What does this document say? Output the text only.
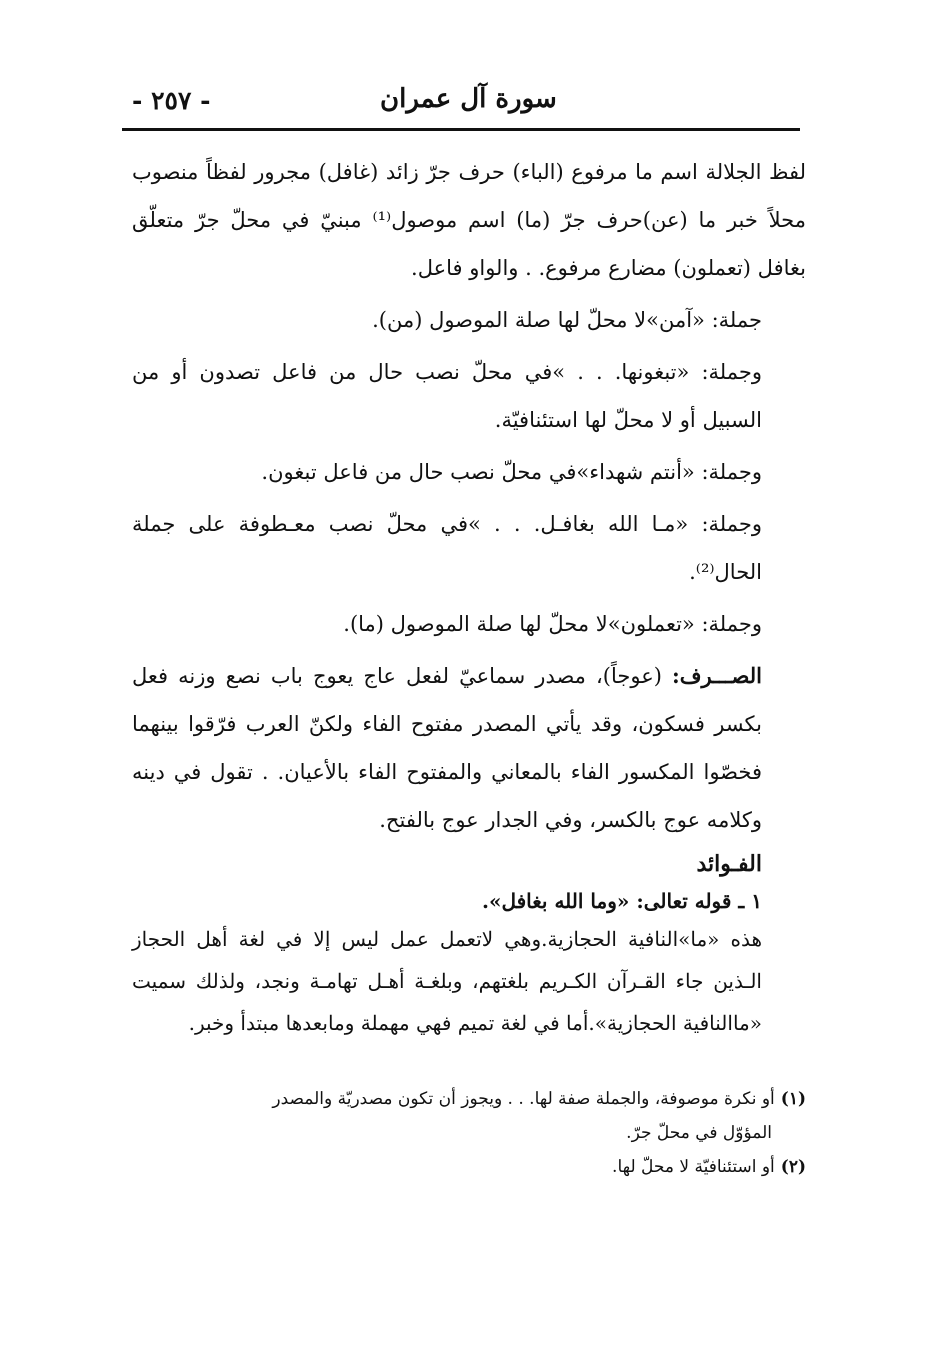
- ٢٥٧ -	سورة آل عمران

لفظ الجلالة اسم ما مرفوع (الباء) حرف جرّ زائد (غافل) مجرور لفظاً منصوب محلاً خبر ما (عن)حرف جرّ (ما) اسم موصول⁽¹⁾ مبنيّ في محلّ جرّ متعلّق بغافل (تعملون) مضارع مرفوع. . والواو فاعل.

جملة: «آمن»لا محلّ لها صلة الموصول (من).

وجملة: «تبغونها. . . »في محلّ نصب حال من فاعل تصدون أو من السبيل أو لا محلّ لها استئنافيّة.

وجملة: «أنتم شهداء»في محلّ نصب حال من فاعل تبغون.

وجملة: «مـا الله بغافـل. . . »في محلّ نصب معـطوفة على جملة الحال⁽²⁾.

وجملة: «تعملون»لا محلّ لها صلة الموصول (ما).

الصـــرف: (عوجاً)، مصدر سماعيّ لفعل عاج يعوج باب نصع وزنه فعل بكسر فسكون، وقد يأتي المصدر مفتوح الفاء ولكنّ العرب فرّقوا بينهما فخصّوا المكسور الفاء بالمعاني والمفتوح الفاء بالأعيان. . تقول في دينه وكلامه عوج بالكسر، وفي الجدار عوج بالفتح.

الفـوائد

١ ـ قوله تعالى: «وما الله بغافل».

هذه «ما»النافية الحجازية.وهي لاتعمل عمل ليس إلا في لغة أهل الحجاز الـذين جاء القـرآن الكـريم بلغتهم، وبلغـة أهـل تهامـة ونجد، ولذلك سميت «ماالنافية الحجازية».أما في لغة تميم فهي مهملة ومابعدها مبتدأ وخبر.

(١)أو نكرة موصوفة، والجملة صفة لها. . . ويجوز أن تكون مصدريّة والمصدر

المؤوّل في محلّ جرّ.

(٢)أو استئنافيّة لا محلّ لها.
